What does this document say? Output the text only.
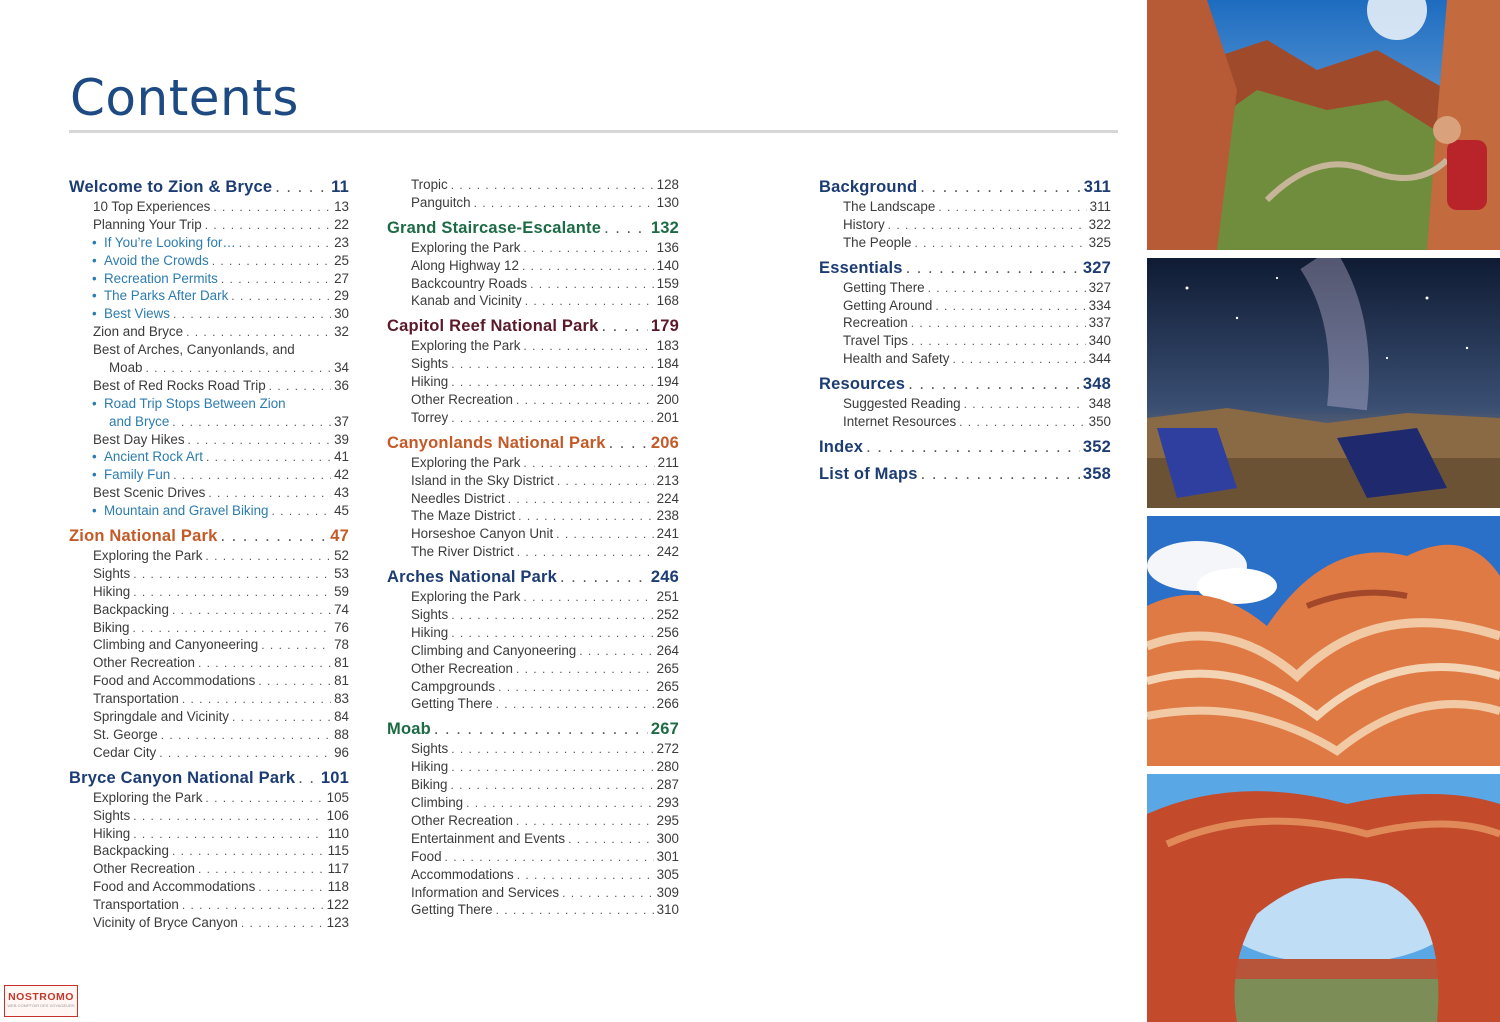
Contents
Welcome to Zion & Bryce . . .	11
10 Top Experiences . . .	13
Planning Your Trip . . .	22
• If You’re Looking for… . . .	23
• Avoid the Crowds . . .	25
• Recreation Permits . . .	27
• The Parks After Dark . . .	29
• Best Views . . .	30
Zion and Bryce . . .	32
Best of Arches, Canyonlands, and
Moab . . .	34
Best of Red Rocks Road Trip . . .	36
• Road Trip Stops Between Zion
and Bryce . . .	37
Best Day Hikes . . .	39
• Ancient Rock Art . . .	41
• Family Fun . . .	42
Best Scenic Drives . . .	43
• Mountain and Gravel Biking . . .	45
Zion National Park . . .	47
Exploring the Park . . .	52
Sights . . .	53
Hiking . . .	59
Backpacking . . .	74
Biking . . .	76
Climbing and Canyoneering . . .	78
Other Recreation . . .	81
Food and Accommodations . . .	81
Transportation . . .	83
Springdale and Vicinity . . .	84
St. George . . .	88
Cedar City . . .	96
Bryce Canyon National Park . . . 101
Exploring the Park . . .	105
Sights . . .	106
Hiking . . .	110
Backpacking . . .	115
Other Recreation . . .	117
Food and Accommodations . . .	118
Transportation . . .	122
Vicinity of Bryce Canyon . . .	123
Tropic . . .	128
Panguitch . . .	130
Grand Staircase-Escalante . . .	132
Exploring the Park . . .	136
Along Highway 12 . . .	140
Backcountry Roads . . .	159
Kanab and Vicinity . . .	168
Capitol Reef National Park . . .	179
Exploring the Park . . .	183
Sights . . .	184
Hiking . . .	194
Other Recreation . . .	200
Torrey . . .	201
Canyonlands National Park . . .	206
Exploring the Park . . .	211
Island in the Sky District . . .	213
Needles District . . .	224
The Maze District . . .	238
Horseshoe Canyon Unit . . .	241
The River District . . .	242
Arches National Park . . .	246
Exploring the Park . . .	251
Sights . . .	252
Hiking . . .	256
Climbing and Canyoneering . . .	264
Other Recreation . . .	265
Campgrounds . . .	265
Getting There . . .	266
Moab . . .	267
Sights . . .	272
Hiking . . .	280
Biking . . .	287
Climbing . . .	293
Other Recreation . . .	295
Entertainment and Events . . .	300
Food . . .	301
Accommodations . . .	305
Information and Services . . .	309
Getting There . . .	310
Background . . .	311
The Landscape . . .	311
History . . .	322
The People . . .	325
Essentials . . .	327
Getting There . . .	327
Getting Around . . .	334
Recreation . . .	337
Travel Tips . . .	340
Health and Safety . . .	344
Resources . . .	348
Suggested Reading . . .	348
Internet Resources . . .	350
Index . . .	352
List of Maps . . .	358
NOSTROMO
WEB COMPTOIR DES VOYAGEURS
